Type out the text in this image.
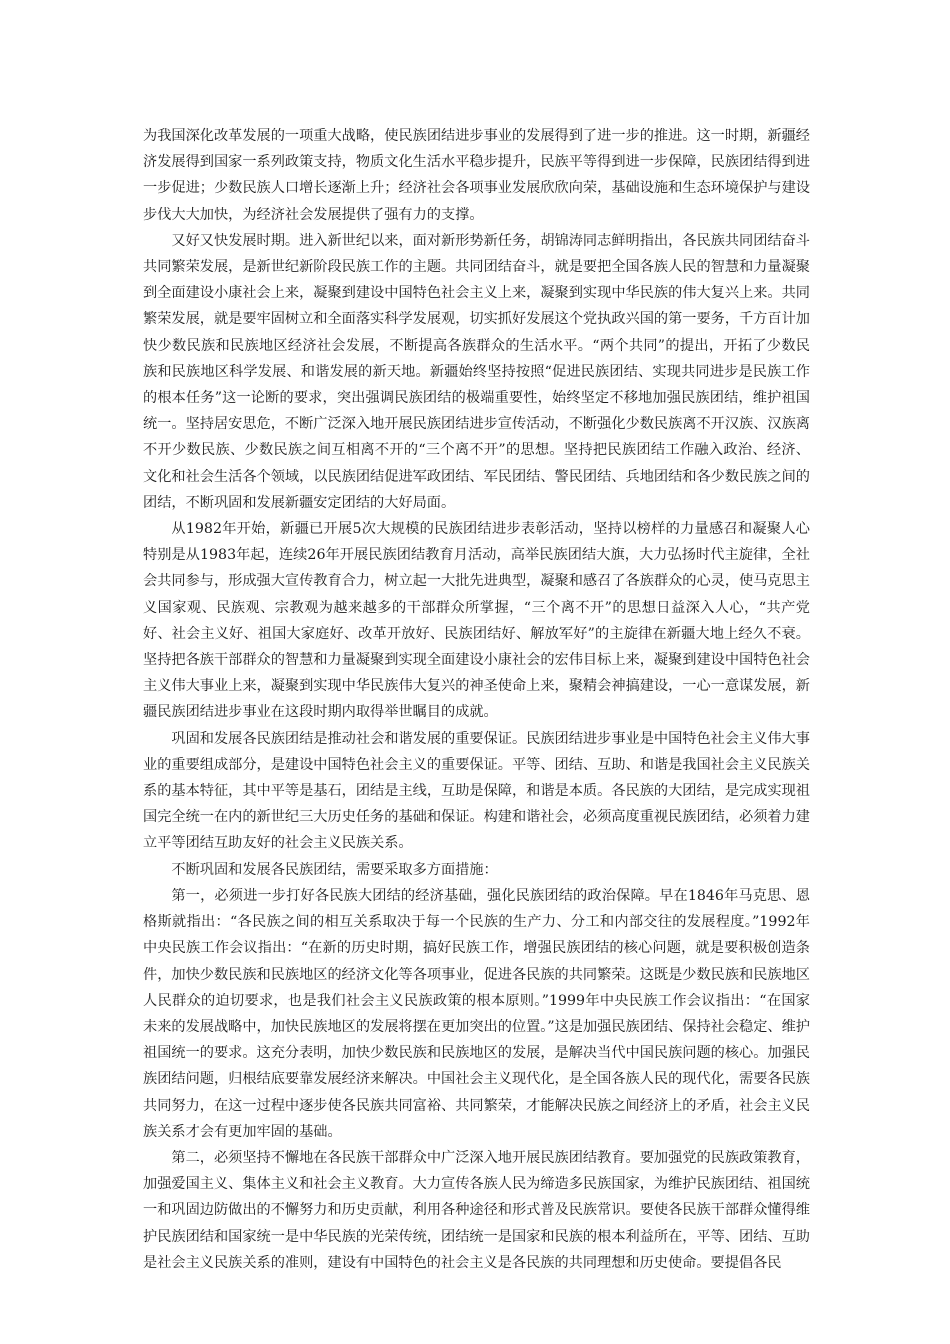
为我国深化改革发展的一项重大战略，使民族团结进步事业的发展得到了进一步的推进。这一时期，新疆经济发展得到国家一系列政策支持，物质文化生活水平稳步提升，民族平等得到进一步保障，民族团结得到进一步促进；少数民族人口增长逐渐上升；经济社会各项事业发展欣欣向荣，基础设施和生态环境保护与建设步伐大大加快，为经济社会发展提供了强有力的支撑。

又好又快发展时期。进入新世纪以来，面对新形势新任务，胡锦涛同志鲜明指出，各民族共同团结奋斗共同繁荣发展，是新世纪新阶段民族工作的主题。共同团结奋斗，就是要把全国各族人民的智慧和力量凝聚到全面建设小康社会上来，凝聚到建设中国特色社会主义上来，凝聚到实现中华民族的伟大复兴上来。共同繁荣发展，就是要牢固树立和全面落实科学发展观，切实抓好发展这个党执政兴国的第一要务，千方百计加快少数民族和民族地区经济社会发展，不断提高各族群众的生活水平。“两个共同”的提出，开拓了少数民族和民族地区科学发展、和谐发展的新天地。新疆始终坚持按照“促进民族团结、实现共同进步是民族工作的根本任务”这一论断的要求，突出强调民族团结的极端重要性，始终坚定不移地加强民族团结，维护祖国统一。坚持居安思危，不断广泛深入地开展民族团结进步宣传活动，不断强化少数民族离不开汉族、汉族离不开少数民族、少数民族之间互相离不开的“三个离不开”的思想。坚持把民族团结工作融入政治、经济、文化和社会生活各个领域，以民族团结促进军政团结、军民团结、警民团结、兵地团结和各少数民族之间的团结，不断巩固和发展新疆安定团结的大好局面。

从1982年开始，新疆已开展5次大规模的民族团结进步表彰活动，坚持以榜样的力量感召和凝聚人心特别是从1983年起，连续26年开展民族团结教育月活动，高举民族团结大旗，大力弘扬时代主旋律，全社会共同参与，形成强大宣传教育合力，树立起一大批先进典型，凝聚和感召了各族群众的心灵，使马克思主义国家观、民族观、宗教观为越来越多的干部群众所掌握，“三个离不开”的思想日益深入人心，“共产党好、社会主义好、祖国大家庭好、改革开放好、民族团结好、解放军好”的主旋律在新疆大地上经久不衰。坚持把各族干部群众的智慧和力量凝聚到实现全面建设小康社会的宏伟目标上来，凝聚到建设中国特色社会主义伟大事业上来，凝聚到实现中华民族伟大复兴的神圣使命上来，聚精会神搞建设，一心一意谋发展，新疆民族团结进步事业在这段时期内取得举世瞩目的成就。

巩固和发展各民族团结是推动社会和谐发展的重要保证。民族团结进步事业是中国特色社会主义伟大事业的重要组成部分，是建设中国特色社会主义的重要保证。平等、团结、互助、和谐是我国社会主义民族关系的基本特征，其中平等是基石，团结是主线，互助是保障，和谐是本质。各民族的大团结，是完成实现祖国完全统一在内的新世纪三大历史任务的基础和保证。构建和谐社会，必须高度重视民族团结，必须着力建立平等团结互助友好的社会主义民族关系。

不断巩固和发展各民族团结，需要采取多方面措施：

第一，必须进一步打好各民族大团结的经济基础，强化民族团结的政治保障。早在1846年马克思、恩格斯就指出：“各民族之间的相互关系取决于每一个民族的生产力、分工和内部交往的发展程度。”1992年中央民族工作会议指出：“在新的历史时期，搞好民族工作，增强民族团结的核心问题，就是要积极创造条件，加快少数民族和民族地区的经济文化等各项事业，促进各民族的共同繁荣。这既是少数民族和民族地区人民群众的迫切要求，也是我们社会主义民族政策的根本原则。”1999年中央民族工作会议指出：“在国家未来的发展战略中，加快民族地区的发展将摆在更加突出的位置。”这是加强民族团结、保持社会稳定、维护祖国统一的要求。这充分表明，加快少数民族和民族地区的发展，是解决当代中国民族问题的核心。加强民族团结问题，归根结底要靠发展经济来解决。中国社会主义现代化，是全国各族人民的现代化，需要各民族共同努力，在这一过程中逐步使各民族共同富裕、共同繁荣，才能解决民族之间经济上的矛盾，社会主义民族关系才会有更加牢固的基础。

第二，必须坚持不懈地在各民族干部群众中广泛深入地开展民族团结教育。要加强党的民族政策教育，加强爱国主义、集体主义和社会主义教育。大力宣传各族人民为缔造多民族国家，为维护民族团结、祖国统一和巩固边防做出的不懈努力和历史贡献，利用各种途径和形式普及民族常识。要使各民族干部群众懂得维护民族团结和国家统一是中华民族的光荣传统，团结统一是国家和民族的根本利益所在，平等、团结、互助是社会主义民族关系的准则，建设有中国特色的社会主义是各民族的共同理想和历史使命。要提倡各民
